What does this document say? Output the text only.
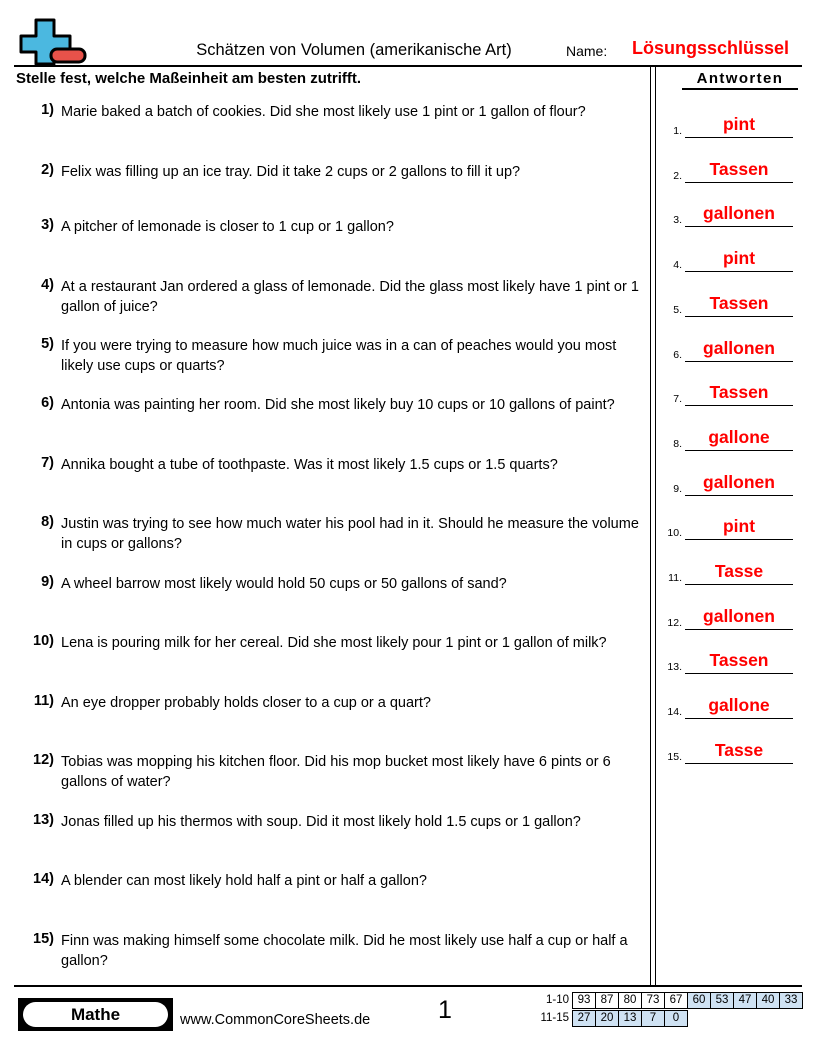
Schätzen von Volumen (amerikanische Art)	Name: Lösungsschlüssel
Stelle fest, welche Maßeinheit am besten zutrifft.
1) Marie baked a batch of cookies. Did she most likely use 1 pint or 1 gallon of flour?
2) Felix was filling up an ice tray. Did it take 2 cups or 2 gallons to fill it up?
3) A pitcher of lemonade is closer to 1 cup or 1 gallon?
4) At a restaurant Jan ordered a glass of lemonade. Did the glass most likely have 1 pint or 1 gallon of juice?
5) If you were trying to measure how much juice was in a can of peaches would you most likely use cups or quarts?
6) Antonia was painting her room. Did she most likely buy 10 cups or 10 gallons of paint?
7) Annika bought a tube of toothpaste. Was it most likely 1.5 cups or 1.5 quarts?
8) Justin was trying to see how much water his pool had in it. Should he measure the volume in cups or gallons?
9) A wheel barrow most likely would hold 50 cups or 50 gallons of sand?
10) Lena is pouring milk for her cereal. Did she most likely pour 1 pint or 1 gallon of milk?
11) An eye dropper probably holds closer to a cup or a quart?
12) Tobias was mopping his kitchen floor. Did his mop bucket most likely have 6 pints or 6 gallons of water?
13) Jonas filled up his thermos with soup. Did it most likely hold 1.5 cups or 1 gallon?
14) A blender can most likely hold half a pint or half a gallon?
15) Finn was making himself some chocolate milk. Did he most likely use half a cup or half a gallon?
Antworten
1.	pint
2.	Tassen
3.	gallonen
4.	pint
5.	Tassen
6.	gallonen
7.	Tassen
8.	gallone
9.	gallonen
10.	pint
11.	Tasse
12.	gallonen
13.	Tassen
14.	gallone
15.	Tasse
Mathe	www.CommonCoreSheets.de	1	1-10 93 87 80 73 67 60 53 47 40 33
11-15 27 20 13 7 0
